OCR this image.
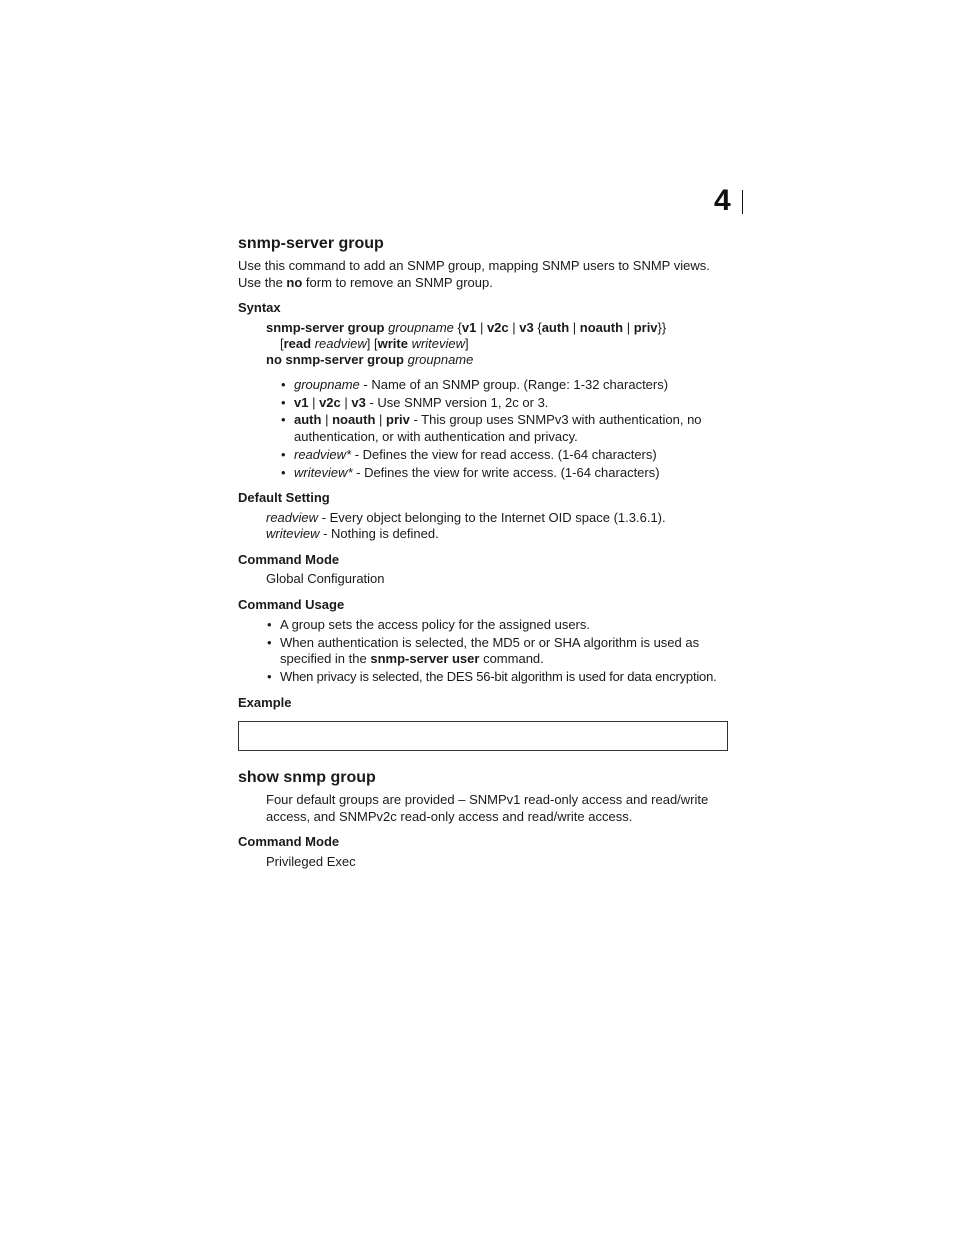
4
snmp-server group
Use this command to add an SNMP group, mapping SNMP users to SNMP views.
Use the no form to remove an SNMP group.
Syntax
snmp-server group groupname {v1 | v2c | v3 {auth | noauth | priv}}
[read readview] [write writeview]
no snmp-server group groupname
• groupname - Name of an SNMP group. (Range: 1-32 characters)
• v1 | v2c | v3 - Use SNMP version 1, 2c or 3.
• auth | noauth | priv - This group uses SNMPv3 with authentication, no
authentication, or with authentication and privacy.
• readview* - Defines the view for read access. (1-64 characters)
• writeview* - Defines the view for write access. (1-64 characters)
Default Setting
readview - Every object belonging to the Internet OID space (1.3.6.1).
writeview - Nothing is defined.
Command Mode
Global Configuration
Command Usage
• A group sets the access policy for the assigned users.
• When authentication is selected, the MD5 or or SHA algorithm is used as
specified in the snmp-server user command.
• When privacy is selected, the DES 56-bit algorithm is used for data encryption.
Example
show snmp group
Four default groups are provided – SNMPv1 read-only access and read/write
access, and SNMPv2c read-only access and read/write access.
Command Mode
Privileged Exec
